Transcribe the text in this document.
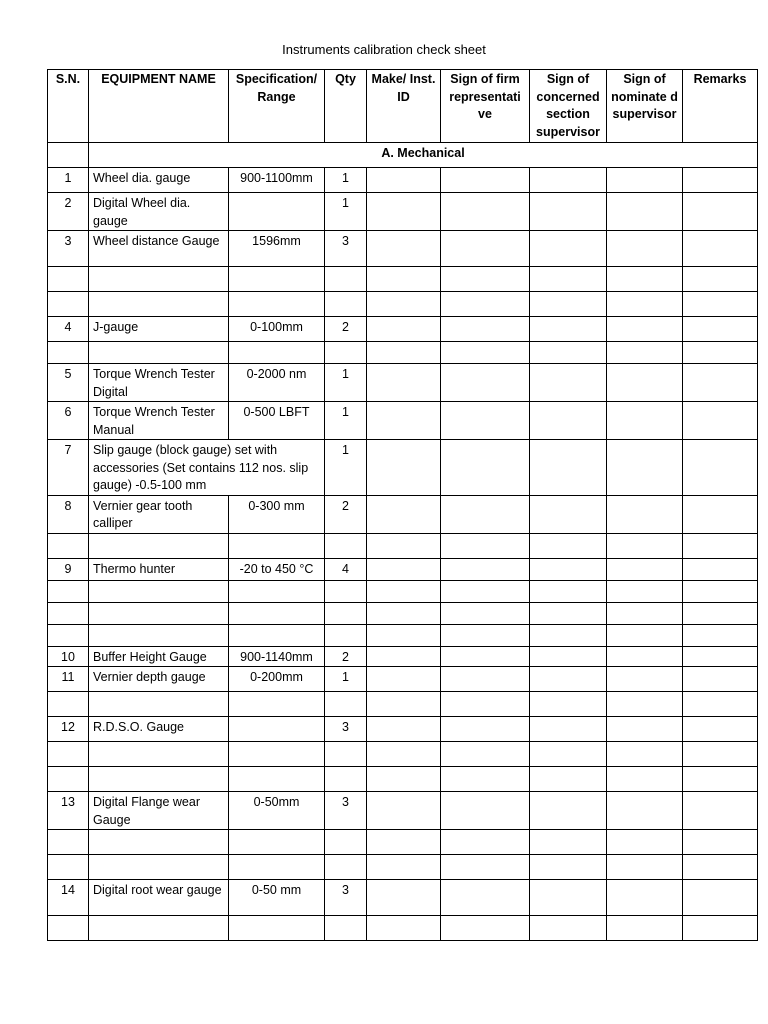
Instruments calibration check sheet
S.N.	EQUIPMENT NAME	Specification/ Range	Qty	Make/ Inst. ID	Sign of firm representati ve	Sign of concerned section supervisor	Sign of nominate d supervisor	Remarks
	A. Mechanical							
1	Wheel dia. gauge	900-1100mm	1					
2	Digital Wheel dia. gauge		1					
3	Wheel distance Gauge	1596mm	3					

4	J-gauge	0-100mm	2					

5	Torque Wrench Tester Digital	0-2000 nm	1					
6	Torque Wrench Tester Manual	0-500 LBFT	1					
7	Slip gauge (block gauge) set with accessories (Set contains 112 nos. slip gauge) -0.5-100 mm		1					
8	Vernier gear tooth calliper	0-300 mm	2					

9	Thermo hunter	-20 to 450 °C	4					

10	Buffer Height Gauge	900-1140mm	2					
11	Vernier depth gauge	0-200mm	1					

12	R.D.S.O. Gauge		3					

13	Digital Flange wear Gauge	0-50mm	3					

14	Digital root wear gauge	0-50 mm	3					
